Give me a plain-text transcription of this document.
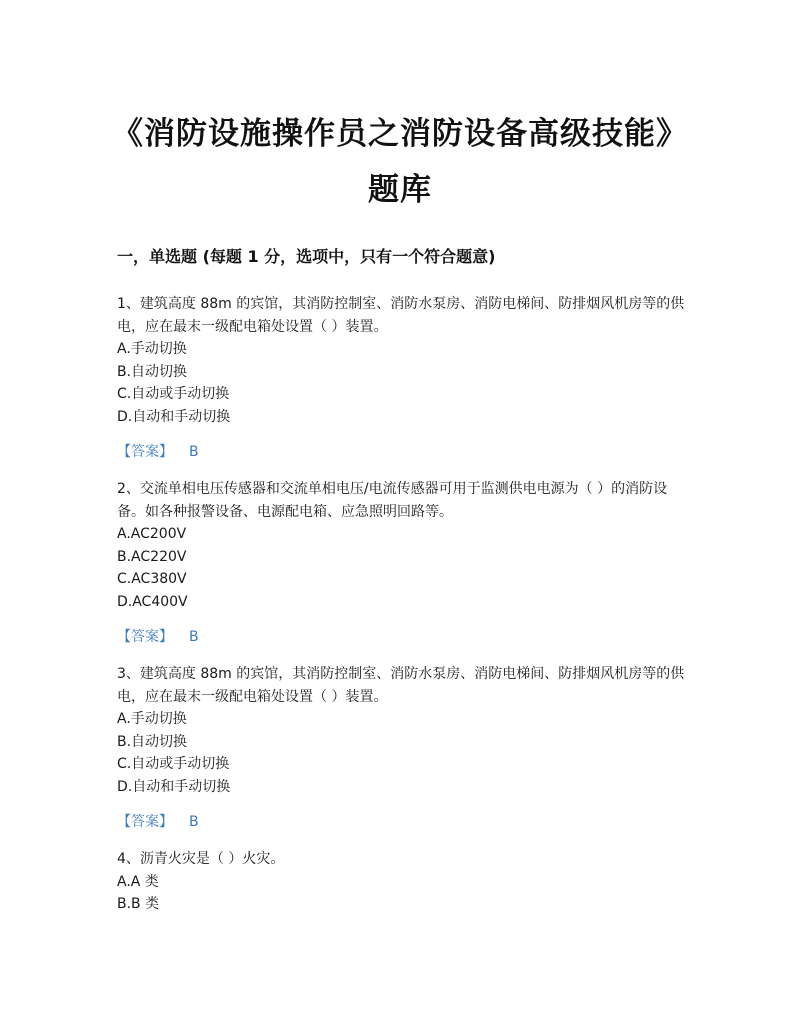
《消防设施操作员之消防设备高级技能》题库
一，单选题 (每题 1 分，选项中，只有一个符合题意)
1、建筑高度 88m 的宾馆，其消防控制室、消防水泵房、消防电梯间、防排烟风机房等的供电，应在最末一级配电箱处设置（ ）装置。
A.手动切换
B.自动切换
C.自动或手动切换
D.自动和手动切换
【答案】 B
2、交流单相电压传感器和交流单相电压/电流传感器可用于监测供电电源为（ ）的消防设备。如各种报警设备、电源配电箱、应急照明回路等。
A.AC200V
B.AC220V
C.AC380V
D.AC400V
【答案】 B
3、建筑高度 88m 的宾馆，其消防控制室、消防水泵房、消防电梯间、防排烟风机房等的供电，应在最末一级配电箱处设置（ ）装置。
A.手动切换
B.自动切换
C.自动或手动切换
D.自动和手动切换
【答案】 B
4、沥青火灾是（ ）火灾。
A.A 类
B.B 类
